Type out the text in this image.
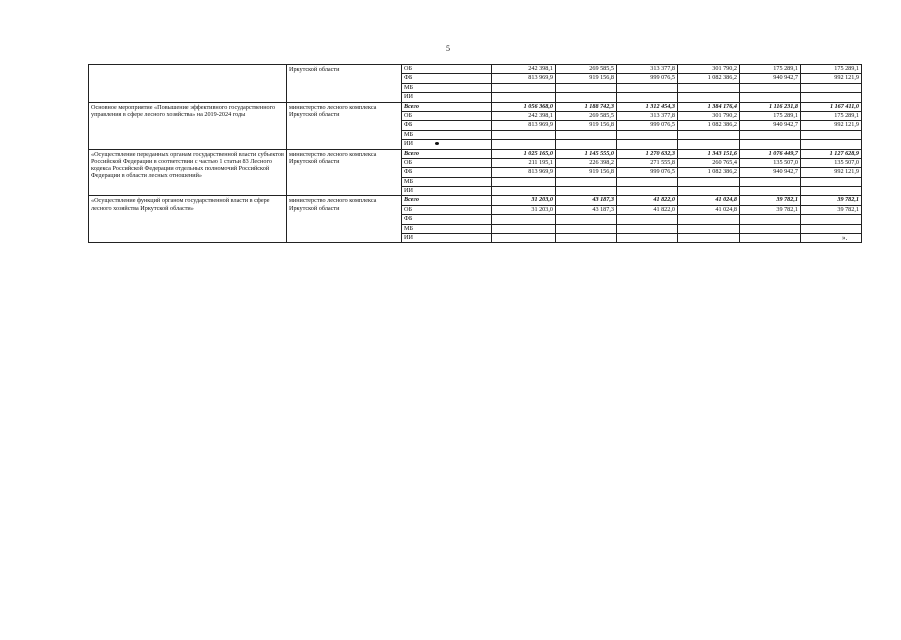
5
	Иркутской области	ОБ	242 398,1	269 585,5	313 377,8	301 790,2	175 289,1	175 289,1
		ФБ	813 969,9	919 156,8	999 076,5	1 082 386,2	940 942,7	992 121,9
		МБ						
		ИИ						
Основное мероприятие «Повышение эффективного государственного управления в сфере лесного хозяйства» на 2019-2024 годы	министерство лесного комплекса Иркутской области	Всего	1 056 368,0	1 188 742,3	1 312 454,3	1 384 176,4	1 116 231,8	1 167 411,0
		ОБ	242 398,1	269 585,5	313 377,8	301 790,2	175 289,1	175 289,1
		ФБ	813 969,9	919 156,8	999 076,5	1 082 386,2	940 942,7	992 121,9
		МБ						
		ИИ						
«Осуществление переданных органам государственной власти субъектов Российской Федерации в соответствии с частью 1 статьи 83 Лесного кодекса Российской Федерации отдельных полномочий Российской Федерации в области лесных отношений»	министерство лесного комплекса Иркутской области	Всего	1 025 165,0	1 145 555,0	1 270 632,3	1 343 151,6	1 076 449,7	1 127 628,9
		ОБ	211 195,1	226 398,2	271 555,8	260 765,4	135 507,0	135 507,0
		ФБ	813 969,9	919 156,8	999 076,5	1 082 386,2	940 942,7	992 121,9
		МБ						
		ИИ						
«Осуществление функций органом государственной власти в сфере лесного хозяйства Иркутской области»	министерство лесного комплекса Иркутской области	Всего	31 203,0	43 187,3	41 822,0	41 024,8	39 782,1	39 782,1
		ОБ	31 203,0	43 187,3	41 822,0	41 024,8	39 782,1	39 782,1
		ФБ						
		МБ						
		ИИ							».
